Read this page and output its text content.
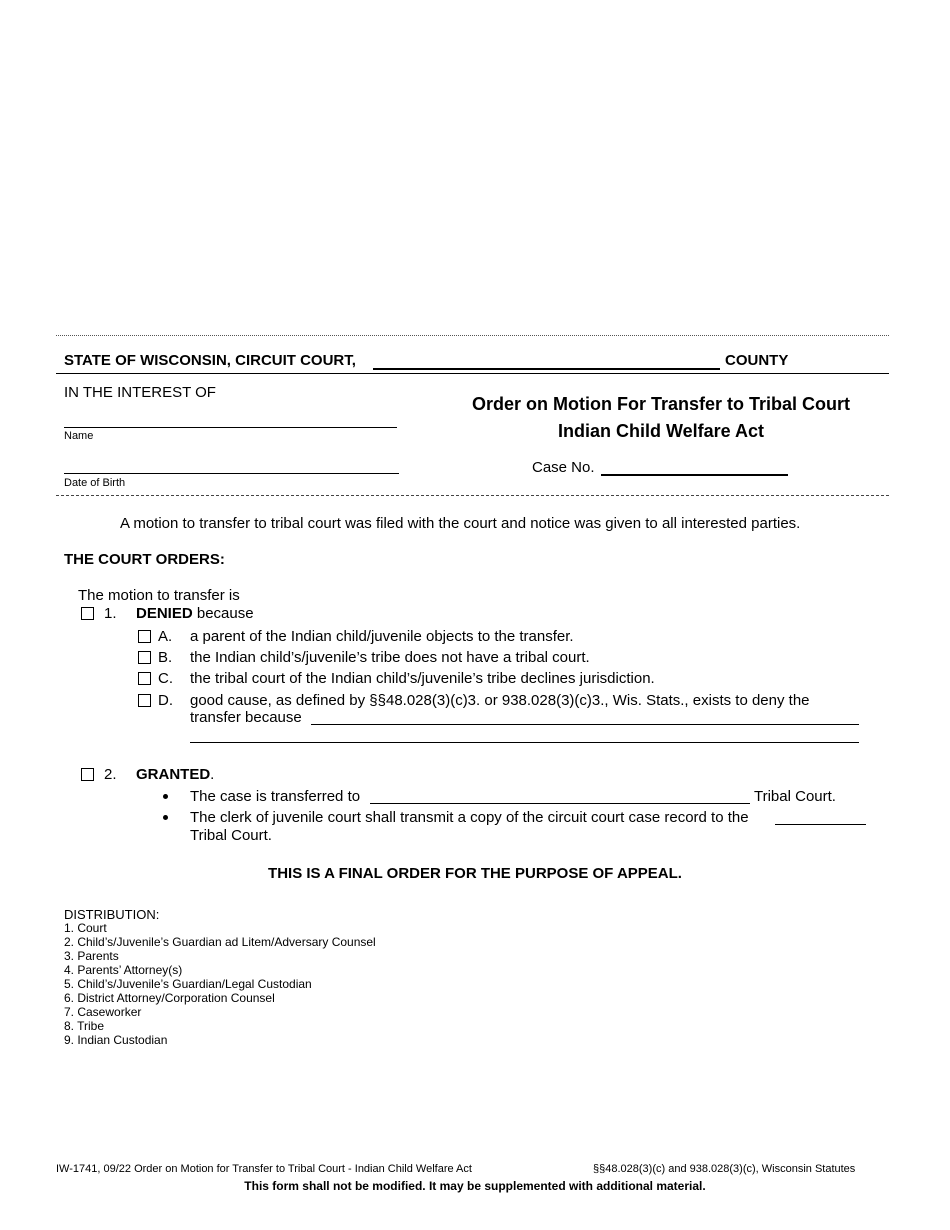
STATE OF WISCONSIN, CIRCUIT COURT,	COUNTY
IN THE INTEREST OF
Name
Date of Birth
Order on Motion For Transfer to Tribal Court
Indian Child Welfare Act
Case No.
A motion to transfer to tribal court was filed with the court and notice was given to all interested parties.
THE COURT ORDERS:
The motion to transfer is
1. DENIED because
A. a parent of the Indian child/juvenile objects to the transfer.
B. the Indian child’s/juvenile’s tribe does not have a tribal court.
C. the tribal court of the Indian child’s/juvenile’s tribe declines jurisdiction.
D. good cause, as defined by §§48.028(3)(c)3. or 938.028(3)(c)3., Wis. Stats., exists to deny the
transfer because
2. GRANTED.
The case is transferred to	Tribal Court.
The clerk of juvenile court shall transmit a copy of the circuit court case record to the
Tribal Court.
THIS IS A FINAL ORDER FOR THE PURPOSE OF APPEAL.
DISTRIBUTION:
1. Court
2. Child’s/Juvenile’s Guardian ad Litem/Adversary Counsel
3. Parents
4. Parents’ Attorney(s)
5. Child’s/Juvenile’s Guardian/Legal Custodian
6. District Attorney/Corporation Counsel
7. Caseworker
8. Tribe
9. Indian Custodian
IW-1741, 09/22 Order on Motion for Transfer to Tribal Court - Indian Child Welfare Act	§§48.028(3)(c) and 938.028(3)(c), Wisconsin Statutes
This form shall not be modified. It may be supplemented with additional material.
